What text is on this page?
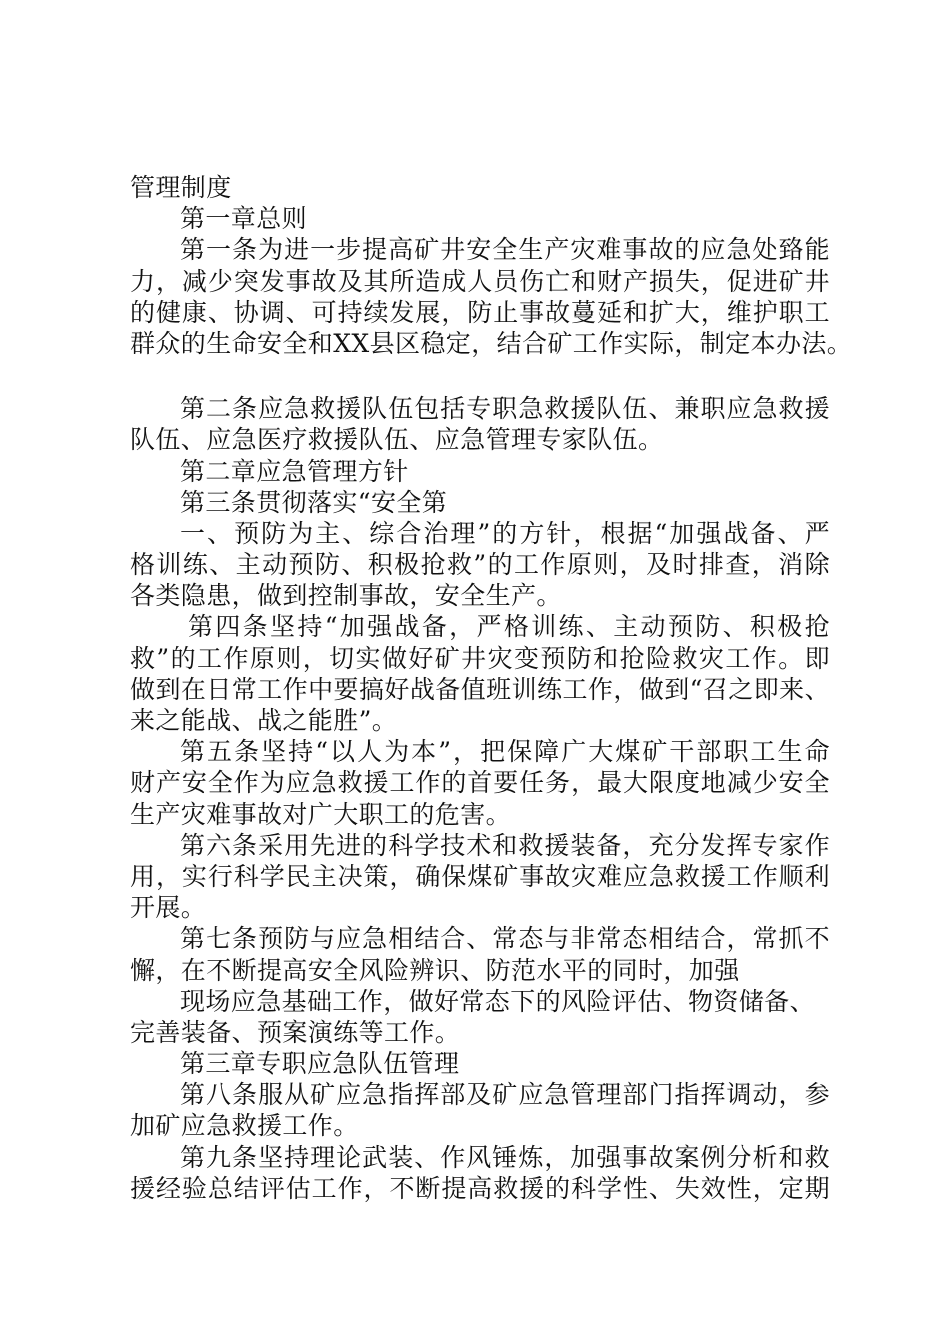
管理制度
第一章总则
第一条为进一步提高矿井安全生产灾难事故的应急处臵能
力，减少突发事故及其所造成人员伤亡和财产损失，促进矿井
的健康、协调、可持续发展，防止事故蔓延和扩大，维护职工
群众的生命安全和XX县区稳定，结合矿工作实际，制定本办法。
第二条应急救援队伍包括专职急救援队伍、兼职应急救援
队伍、应急医疗救援队伍、应急管理专家队伍。
第二章应急管理方针
第三条贯彻落实“安全第
一、预防为主、综合治理”的方针，根据“加强战备、严
格训练、主动预防、积极抢救”的工作原则，及时排查，消除
各类隐患，做到控制事故，安全生产。
第四条坚持“加强战备，严格训练、主动预防、积极抢
救”的工作原则，切实做好矿井灾变预防和抢险救灾工作。即
做到在日常工作中要搞好战备值班训练工作，做到“召之即来、
来之能战、战之能胜”。
第五条坚持“以人为本”，把保障广大煤矿干部职工生命
财产安全作为应急救援工作的首要任务，最大限度地减少安全
生产灾难事故对广大职工的危害。
第六条采用先进的科学技术和救援装备，充分发挥专家作
用，实行科学民主决策，确保煤矿事故灾难应急救援工作顺利
开展。
第七条预防与应急相结合、常态与非常态相结合，常抓不
懈，在不断提高安全风险辨识、防范水平的同时，加强
现场应急基础工作，做好常态下的风险评估、物资储备、
完善装备、预案演练等工作。
第三章专职应急队伍管理
第八条服从矿应急指挥部及矿应急管理部门指挥调动，参
加矿应急救援工作。
第九条坚持理论武装、作风锤炼，加强事故案例分析和救
援经验总结评估工作，不断提高救援的科学性、失效性，定期
